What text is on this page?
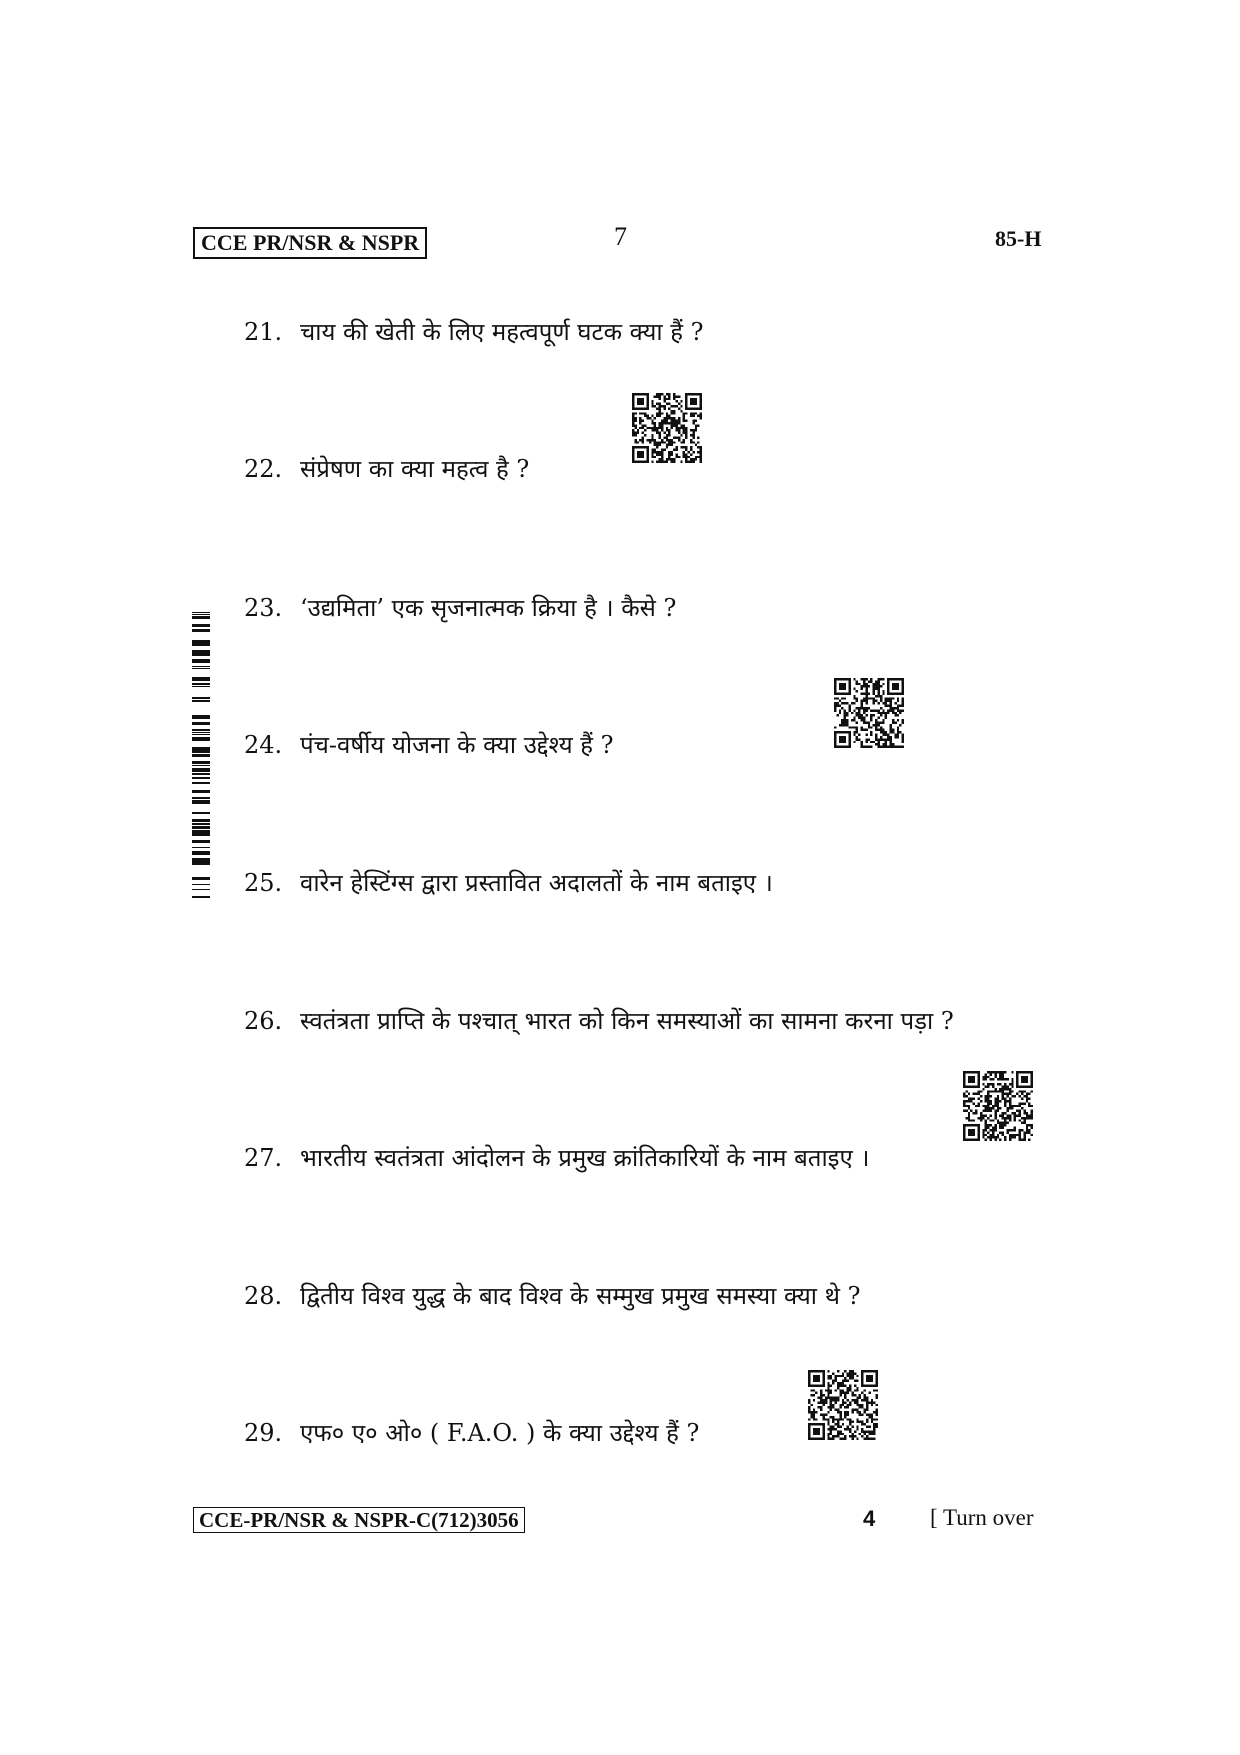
CCE PR/NSR & NSPR	7	85-H
21. चाय की खेती के लिए महत्वपूर्ण घटक क्या हैं ?
22. संप्रेषण का क्या महत्व है ?
23. ‘उद्यमिता’ एक सृजनात्मक क्रिया है । कैसे ?
24. पंच-वर्षीय योजना के क्या उद्देश्य हैं ?
25. वारेन हेस्टिंग्स द्वारा प्रस्तावित अदालतों के नाम बताइए ।
26. स्वतंत्रता प्राप्ति के पश्चात् भारत को किन समस्याओं का सामना करना पड़ा ?
27. भारतीय स्वतंत्रता आंदोलन के प्रमुख क्रांतिकारियों के नाम बताइए ।
28. द्वितीय विश्व युद्ध के बाद विश्व के सम्मुख प्रमुख समस्या क्या थे ?
29. एफ० ए० ओ० ( F.A.O. ) के क्या उद्देश्य हैं ?
CCE-PR/NSR & NSPR-C(712)3056	4 [ Turn over
